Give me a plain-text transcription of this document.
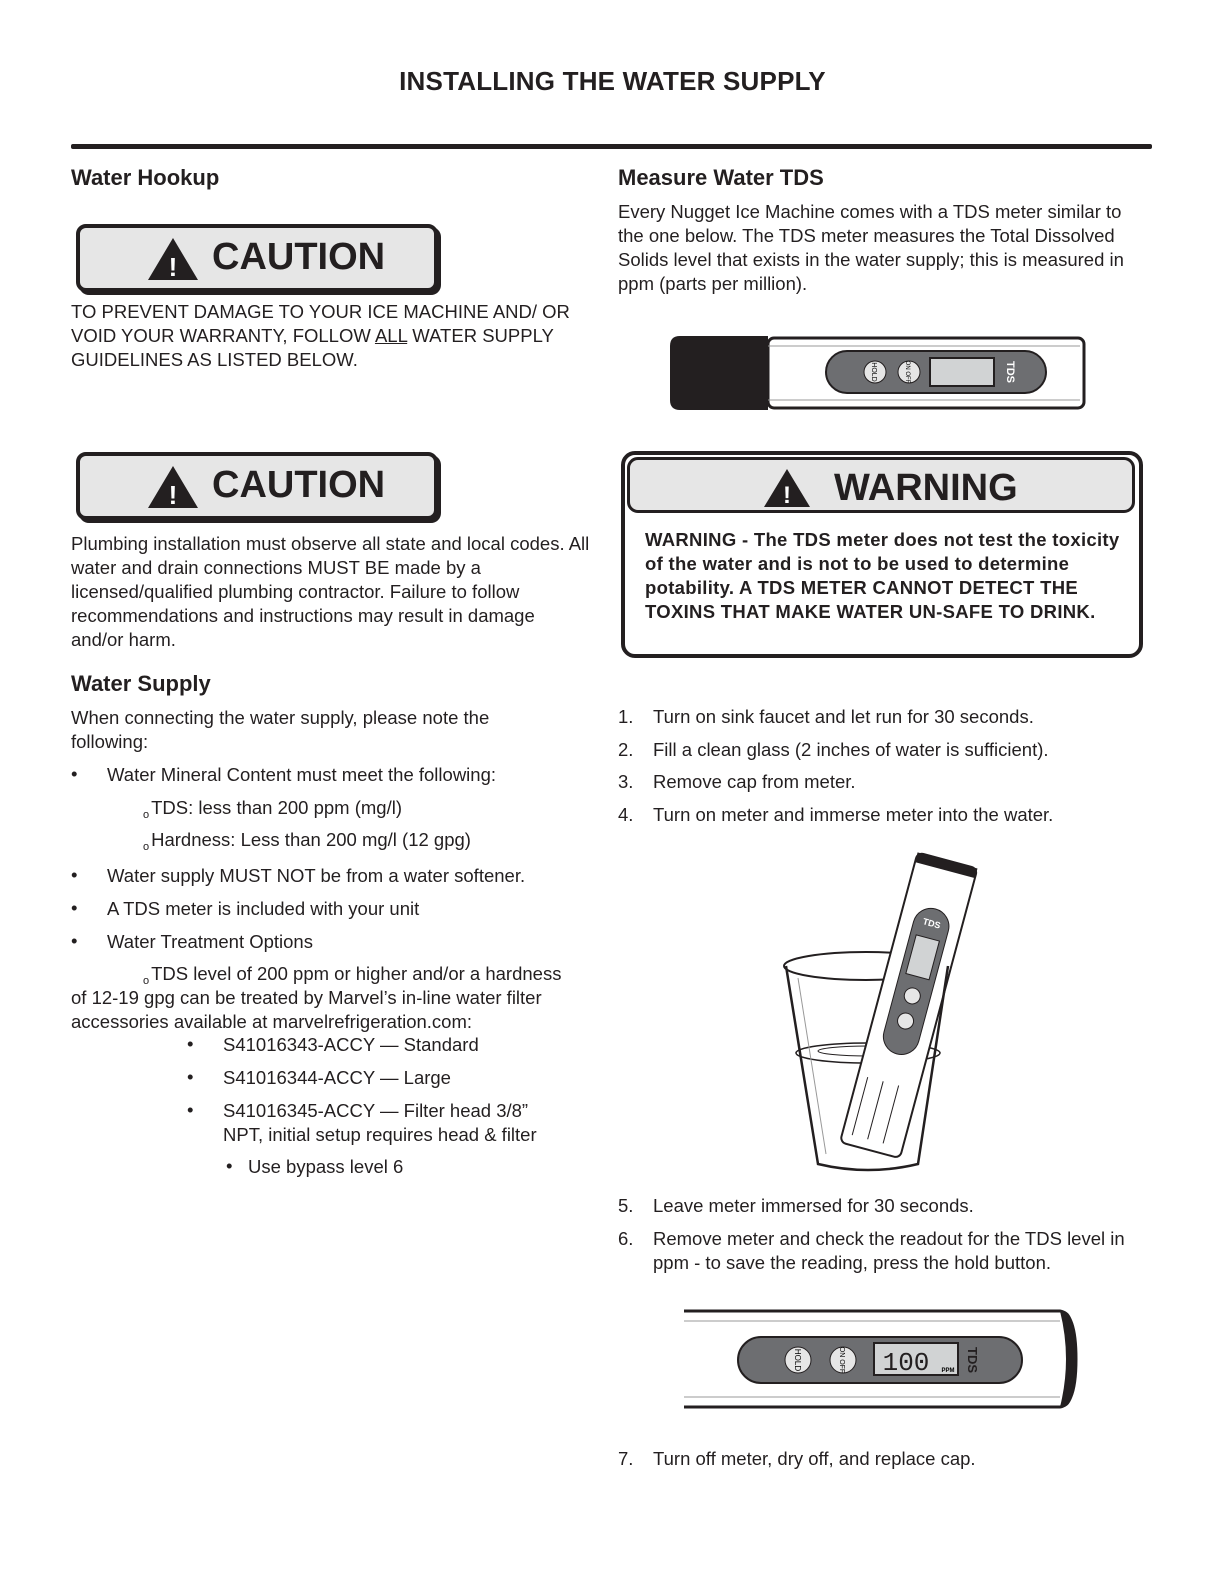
INSTALLING THE WATER SUPPLY
Water Hookup
! CAUTION
TO PREVENT DAMAGE TO YOUR ICE MACHINE AND/ OR VOID YOUR WARRANTY, FOLLOW ALL WATER SUPPLY GUIDELINES AS LISTED BELOW.
! CAUTION
Plumbing installation must observe all state and local codes. All water and drain connections MUST BE made by a licensed/qualified plumbing contractor. Failure to follow recommendations and instructions may result in damage and/or harm.
Water Supply
When connecting the water supply, please note the following:
• Water Mineral Content must meet the following:
$_o$ TDS: less than 200 ppm (mg/l)
$_o$ Hardness: Less than 200 mg/l (12 gpg)
• Water supply MUST NOT be from a water softener.
• A TDS meter is included with your unit
• Water Treatment Options
$_o$ TDS level of 200 ppm or higher and/or a hardness
of 12-19 gpg can be treated by Marvel’s in-line water filter accessories available at marvelrefrigeration.com:
• S41016343-ACCY — Standard
• S41016344-ACCY — Large
• S41016345-ACCY — Filter head 3/8” NPT, initial setup requires head & filter
• Use bypass level 6
Measure Water TDS
Every Nugget Ice Machine comes with a TDS meter similar to the one below. The TDS meter measures the Total Dissolved Solids level that exists in the water supply; this is measured in ppm (parts per million).
HOLD	ON OFF	TDS
! WARNING
WARNING - The TDS meter does not test the toxicity of the water and is not to be used to determine potability. A TDS METER CANNOT DETECT THE TOXINS THAT MAKE WATER UN-SAFE TO DRINK.
1. Turn on sink faucet and let run for 30 seconds.
2. Fill a clean glass (2 inches of water is sufficient).
3. Remove cap from meter.
4. Turn on meter and immerse meter into the water.
TDS
5. Leave meter immersed for 30 seconds.
6. Remove meter and check the readout for the TDS level in ppm - to save the reading, press the hold button.
HOLD	ON OFF 100 PPM TDS
7. Turn off meter, dry off, and replace cap.
